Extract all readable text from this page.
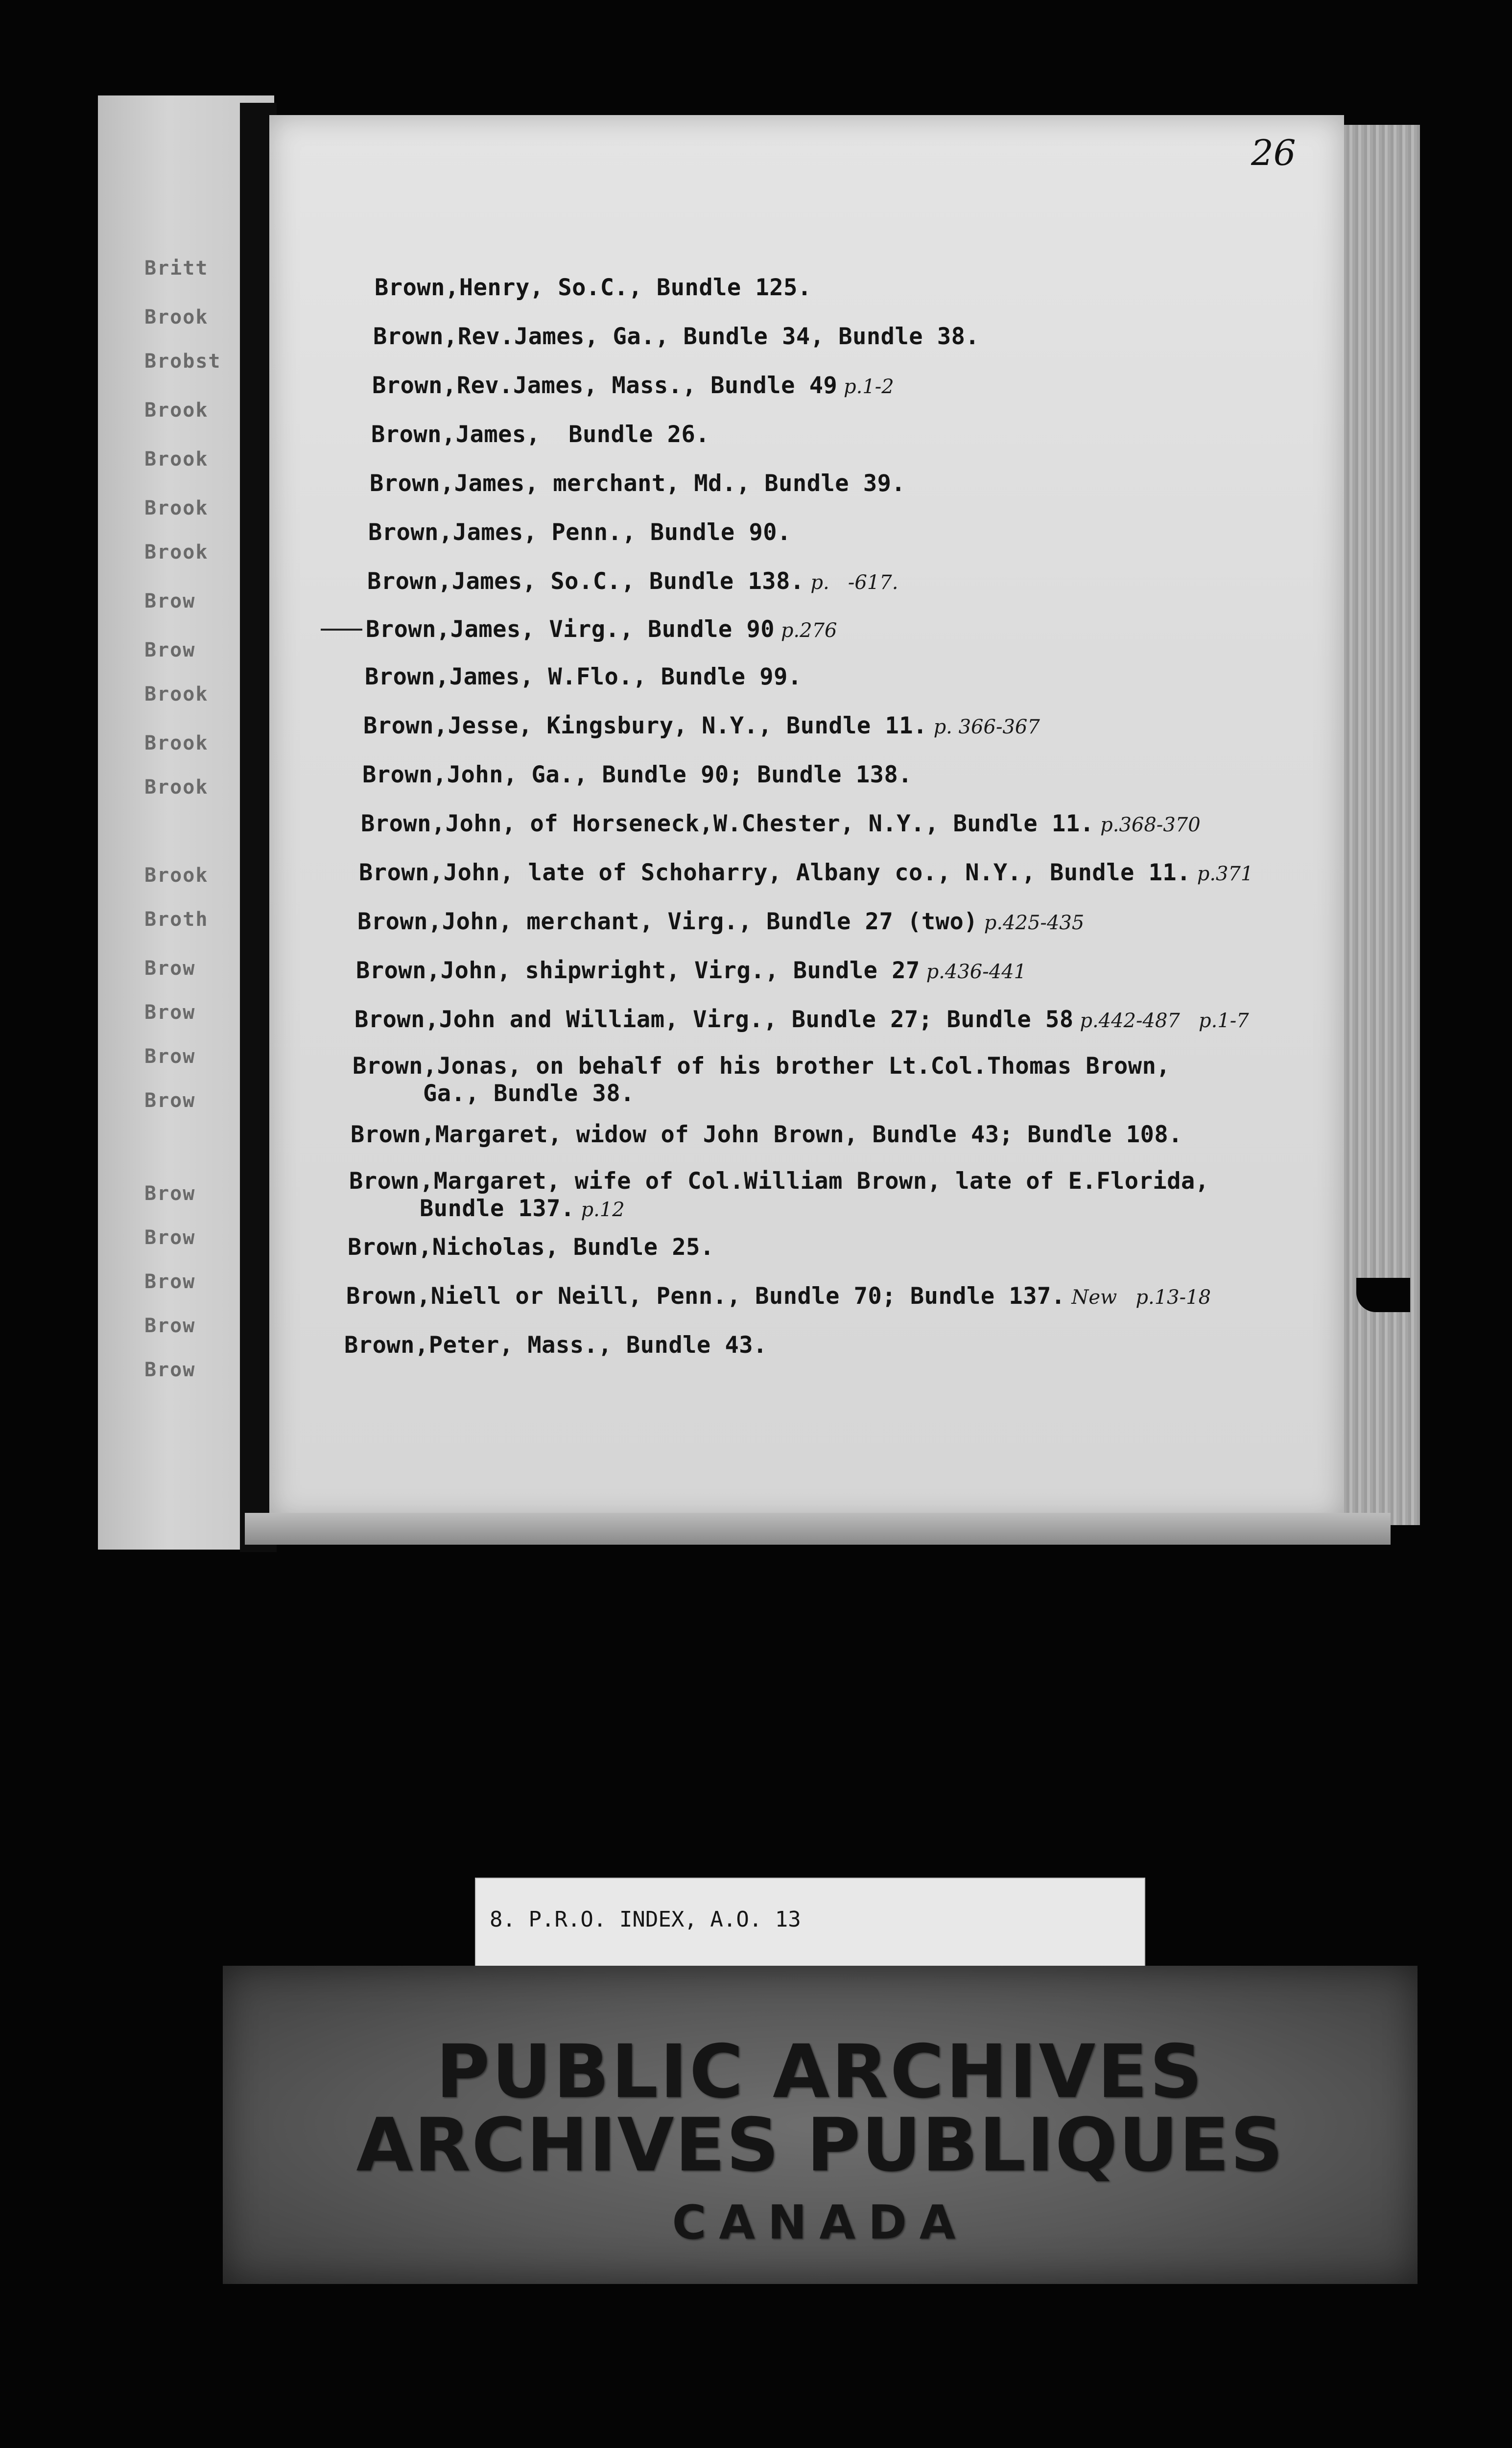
Britt
Brook
Brobst
Brook
Brook
Brook
Brook
Brow
Brow
Brook
Brook
Brook
Brook
Broth
Brow
Brow
Brow
Brow
Brow
Brow
Brow
Brow
Brow
26
Brown,Henry, So.C., Bundle 125.
Brown,Rev.James, Ga., Bundle 34, Bundle 38.
Brown,Rev.James, Mass., Bundle 49 p.1-2
Brown,James,  Bundle 26.
Brown,James, merchant, Md., Bundle 39.
Brown,James, Penn., Bundle 90.
Brown,James, So.C., Bundle 138. p.   -617.
Brown,James, Virg., Bundle 90 p.276
Brown,James, W.Flo., Bundle 99.
Brown,Jesse, Kingsbury, N.Y., Bundle 11. p. 366-367
Brown,John, Ga., Bundle 90; Bundle 138.
Brown,John, of Horseneck,W.Chester, N.Y., Bundle 11. p.368-370
Brown,John, late of Schoharry, Albany co., N.Y., Bundle 11. p.371
Brown,John, merchant, Virg., Bundle 27 (two) p.425-435
Brown,John, shipwright, Virg., Bundle 27 p.436-441
Brown,John and William, Virg., Bundle 27; Bundle 58 p.442-487   p.1-7
Brown,Jonas, on behalf of his brother Lt.Col.Thomas Brown,
Ga., Bundle 38.
Brown,Margaret, widow of John Brown, Bundle 43; Bundle 108.
Brown,Margaret, wife of Col.William Brown, late of E.Florida,
Bundle 137. p.12
Brown,Nicholas, Bundle 25.
Brown,Niell or Neill, Penn., Bundle 70; Bundle 137. New   p.13-18
Brown,Peter, Mass., Bundle 43.
8. P.R.O. INDEX, A.O. 13
PUBLIC ARCHIVES
ARCHIVES PUBLIQUES
CANADA
